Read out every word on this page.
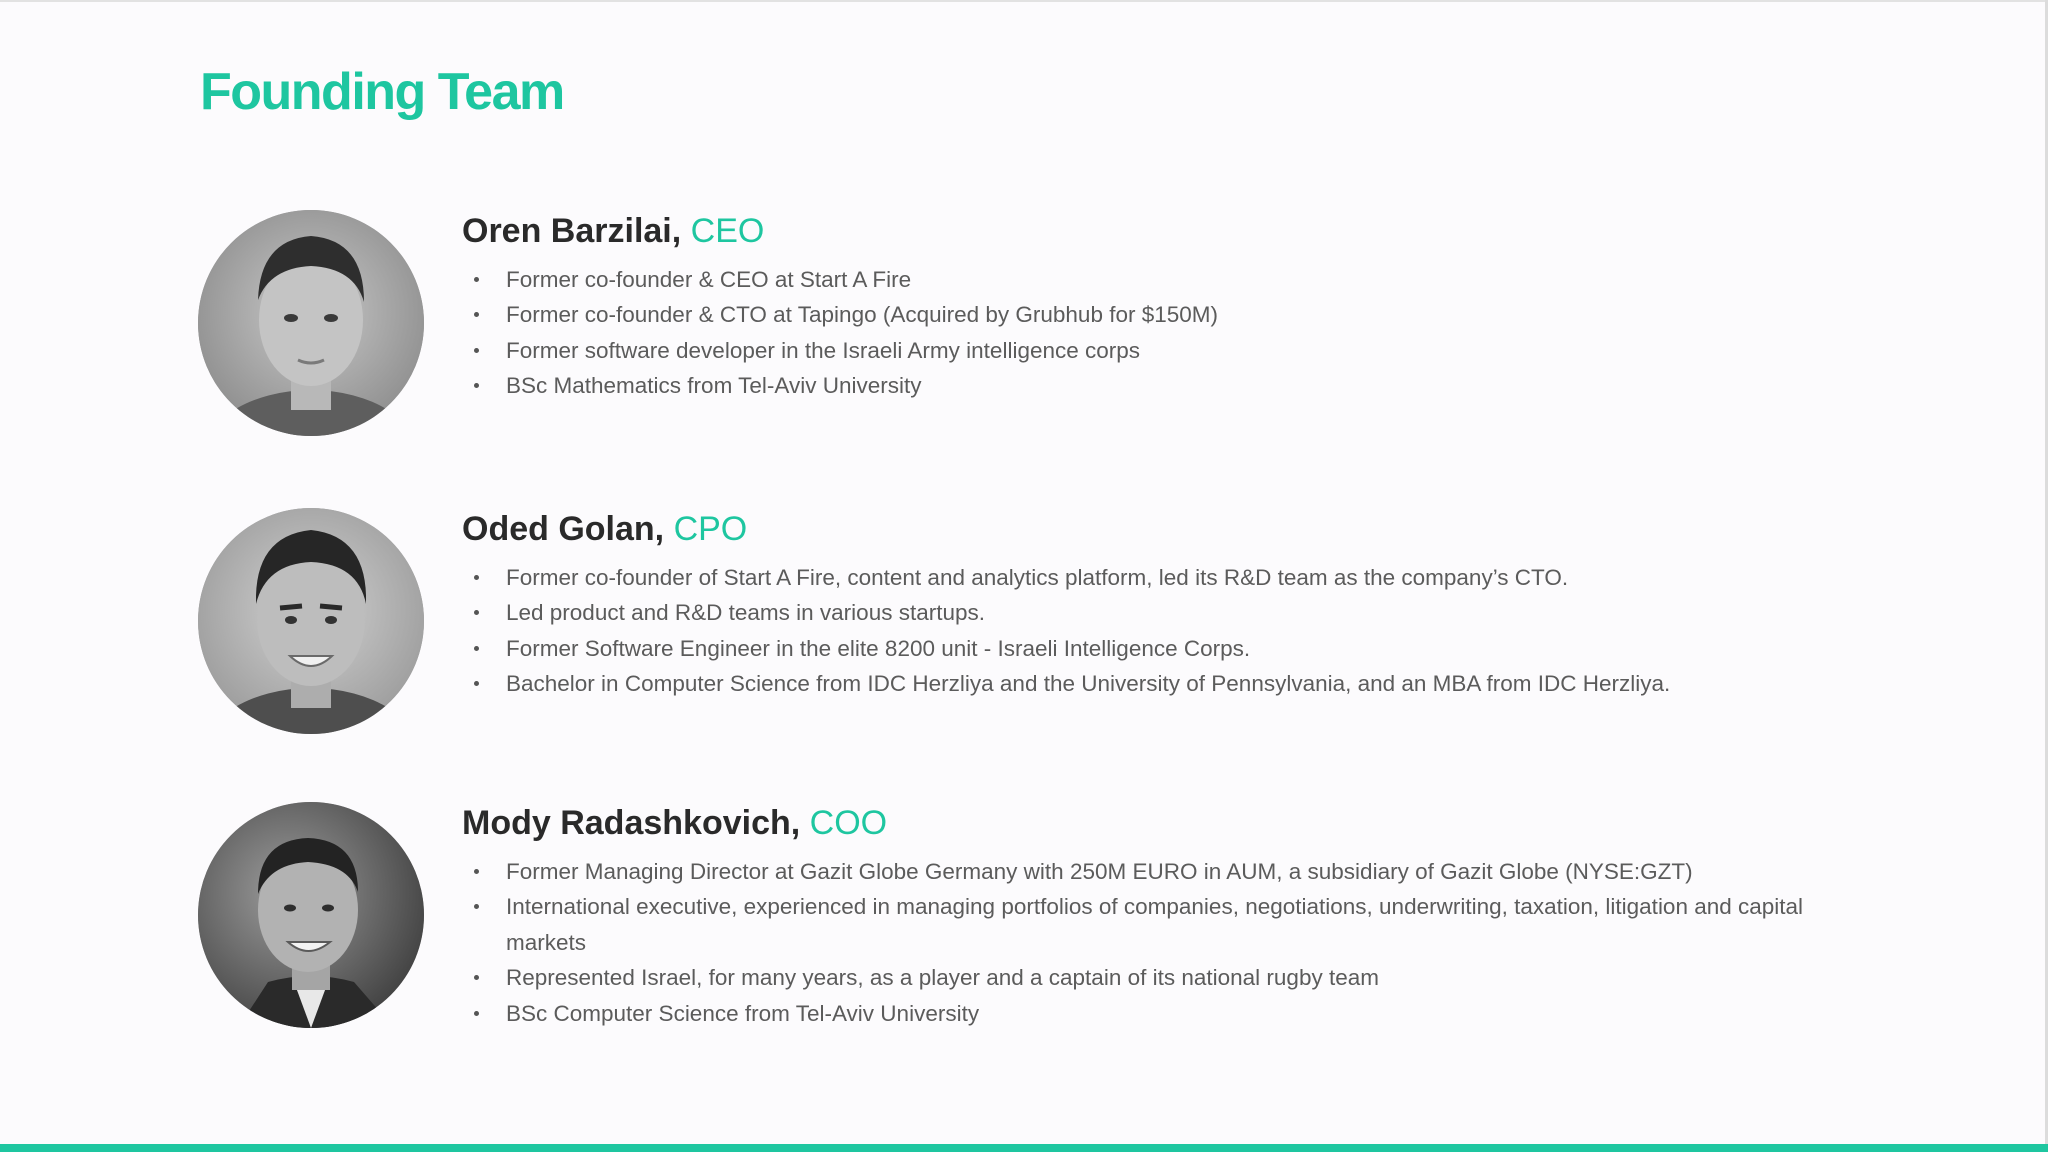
Founding Team

Oren Barzilai, CEO

Former co-founder & CEO at Start A Fire
Former co-founder & CTO at Tapingo (Acquired by Grubhub for $150M)
Former software developer in the Israeli Army intelligence corps
BSc Mathematics from Tel-Aviv University

Oded Golan, CPO

Former co-founder of Start A Fire, content and analytics platform, led its R&D team as the company’s CTO.
Led product and R&D teams in various startups.
Former Software Engineer in the elite 8200 unit - Israeli Intelligence Corps.
Bachelor in Computer Science from IDC Herzliya and the University of Pennsylvania, and an MBA from IDC Herzliya.

Mody Radashkovich, COO

Former Managing Director at Gazit Globe Germany with 250M EURO in AUM, a subsidiary of Gazit Globe (NYSE:GZT)
International executive, experienced in managing portfolios of companies, negotiations, underwriting, taxation, litigation and capital markets
Represented Israel, for many years, as a player and a captain of its national rugby team
BSc Computer Science from Tel-Aviv University
